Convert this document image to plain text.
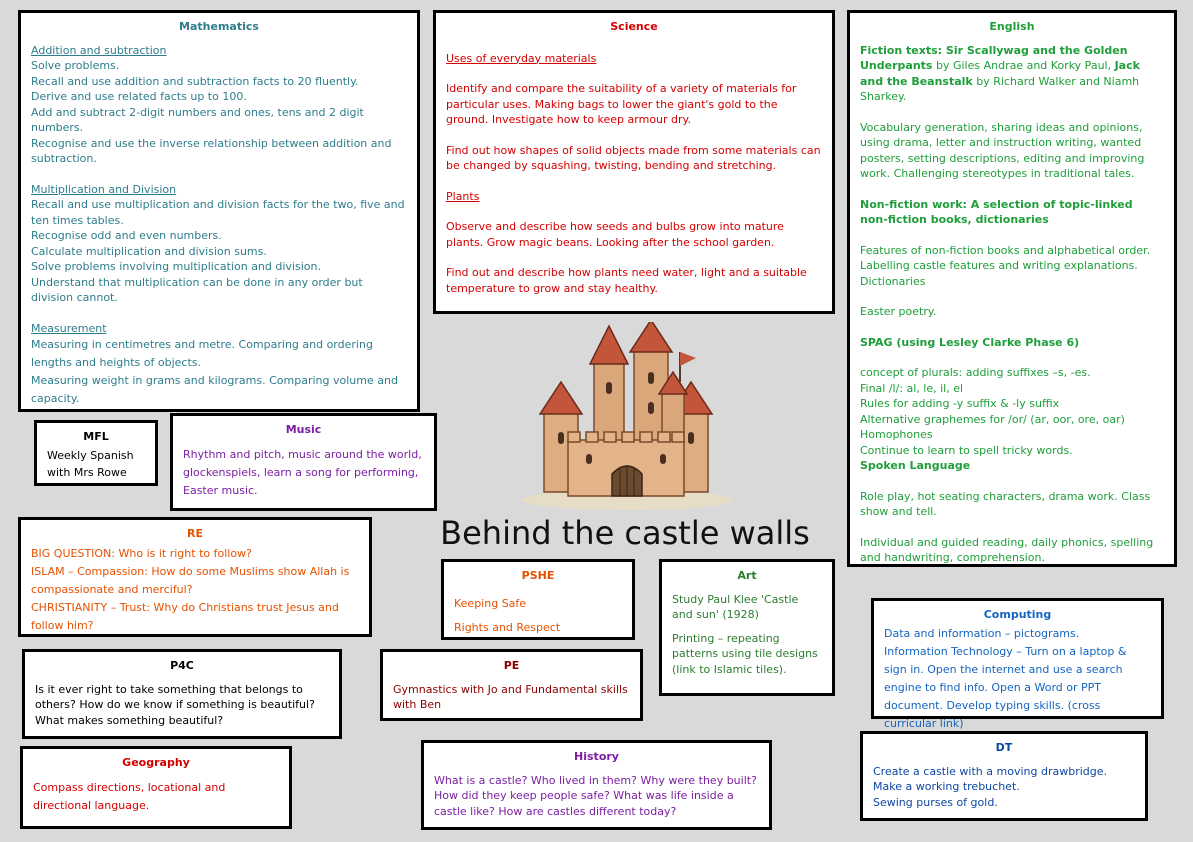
Mathematics
Addition and subtraction

Solve problems.

Recall and use addition and subtraction facts to 20 fluently.

Derive and use related facts up to 100.

Add and subtract 2-digit numbers and ones, tens and 2 digit numbers.

Recognise and use the inverse relationship between addition and subtraction.

Multiplication and Division

Recall and use multiplication and division facts for the two, five and ten times tables.

Recognise odd and even numbers.

Calculate multiplication and division sums.

Solve problems involving multiplication and division.

Understand that multiplication can be done in any order but division cannot.

Measurement

Measuring in centimetres and metre. Comparing and ordering lengths and heights of objects.

Measuring weight in grams and kilograms. Comparing volume and capacity.

Science
Uses of everyday materials

Identify and compare the suitability of a variety of materials for particular uses. Making bags to lower the giant's gold to the ground. Investigate how to keep armour dry.

Find out how shapes of solid objects made from some materials can be changed by squashing, twisting, bending and stretching.

Plants

Observe and describe how seeds and bulbs grow into mature plants. Grow magic beans. Looking after the school garden.

Find out and describe how plants need water, light and a suitable temperature to grow and stay healthy.

English

Fiction texts: Sir Scallywag and the Golden Underpants by Giles Andrae and Korky Paul, Jack and the Beanstalk by Richard Walker and Niamh Sharkey.

Vocabulary generation, sharing ideas and opinions, using drama, letter and instruction writing, wanted posters, setting descriptions, editing and improving work. Challenging stereotypes in traditional tales.

Non-fiction work: A selection of topic-linked non-fiction books, dictionaries

Features of non-fiction books and alphabetical order. Labelling castle features and writing explanations. Dictionaries

Easter poetry.

SPAG (using Lesley Clarke Phase 6)

concept of plurals: adding suffixes –s, -es.

Final /l/: al, le, il, el

Rules for adding -y suffix & -ly suffix

Alternative graphemes for /or/ (ar, oor, ore, oar)

Homophones

Continue to learn to spell tricky words.

Spoken Language

Role play, hot seating characters, drama work. Class show and tell.

Individual and guided reading, daily phonics, spelling and handwriting, comprehension.

MFL

Weekly Spanish with Mrs Rowe

Music

Rhythm and pitch, music around the world, glockenspiels, learn a song for performing, Easter music.

Behind the castle walls
RE

BIG QUESTION: Who is it right to follow?

ISLAM – Compassion: How do some Muslims show Allah is compassionate and merciful?

CHRISTIANITY – Trust: Why do Christians trust Jesus and follow him?

PSHE

Keeping Safe

Rights and Respect

Art

Study Paul Klee 'Castle and sun' (1928)

Printing – repeating patterns using tile designs (link to Islamic tiles).

Computing

Data and information – pictograms.

Information Technology – Turn on a laptop & sign in. Open the internet and use a search engine to find info. Open a Word or PPT document. Develop typing skills. (cross curricular link)

P4C

Is it ever right to take something that belongs to others? How do we know if something is beautiful? What makes something beautiful?

PE

Gymnastics with Jo and Fundamental skills with Ben

Geography

Compass directions, locational and directional language.

History

What is a castle? Who lived in them? Why were they built? How did they keep people safe? What was life inside a castle like? How are castles different today?

DT

Create a castle with a moving drawbridge. Make a working trebuchet.

Sewing purses of gold.
